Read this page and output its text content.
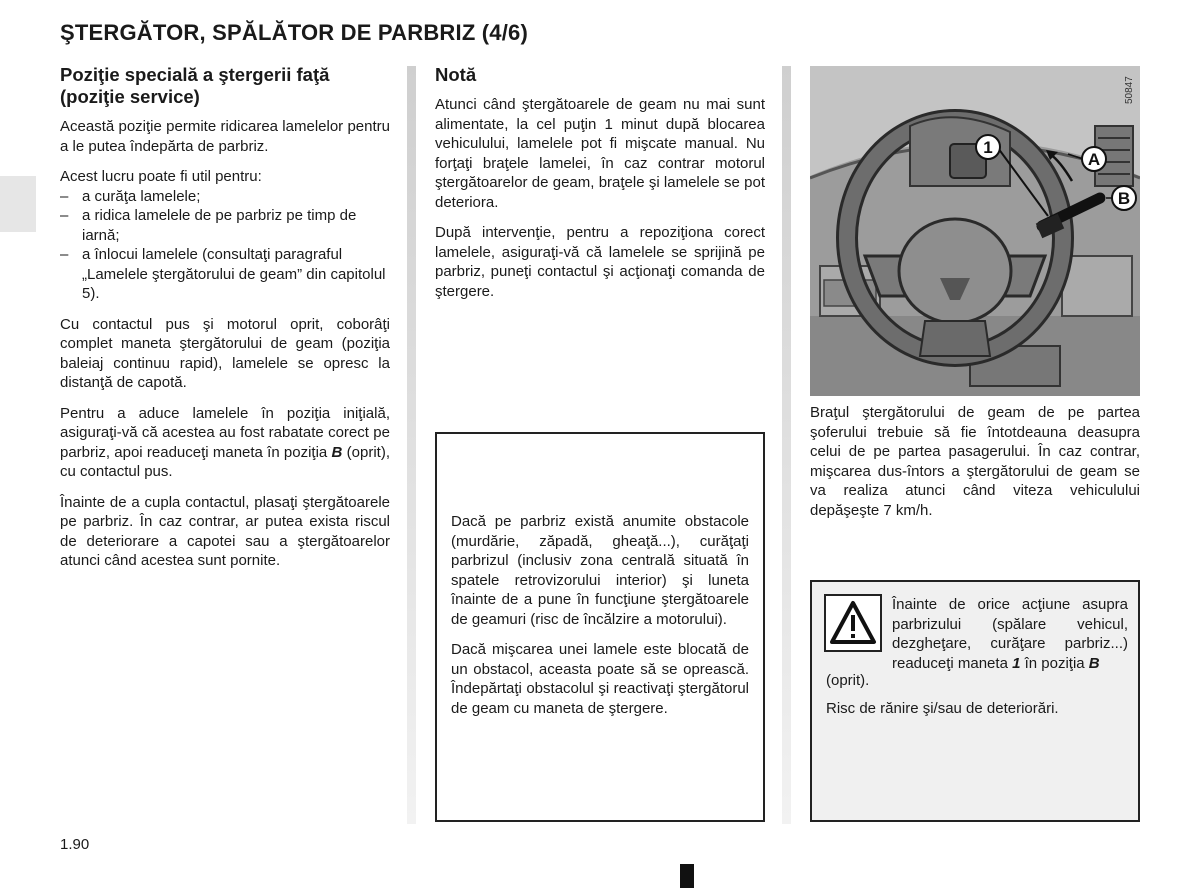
ŞTERGĂTOR, SPĂLĂTOR DE PARBRIZ (4/6)
Poziţie specială a ştergerii faţă (poziţie service)

Această poziţie permite ridicarea lamelelor pentru a le putea îndepărta de parbriz.

Acest lucru poate fi util pentru:

– a curăţa lamelele;
– a ridica lamelele de pe parbriz pe timp de iarnă;
– a înlocui lamelele (consultaţi paragraful „Lamelele ştergătorului de geam” din capitolul 5).

Cu contactul pus şi motorul oprit, coborâţi complet maneta ştergătorului de geam (poziţia baleiaj continuu rapid), lamelele se opresc la distanţă de capotă.

Pentru a aduce lamelele în poziţia iniţială, asiguraţi-vă că acestea au fost rabatate corect pe parbriz, apoi readuceţi maneta în poziţia B (oprit), cu contactul pus.

Înainte de a cupla contactul, plasaţi ştergătoarele pe parbriz. În caz contrar, ar putea exista riscul de deteriorare a capotei sau a ştergătoarelor atunci când acestea sunt pornite.

Notă

Atunci când ştergătoarele de geam nu mai sunt alimentate, la cel puţin 1 minut după blocarea vehiculului, lamelele pot fi mişcate manual. Nu forţaţi braţele lamelei, în caz contrar motorul ştergătoarelor de geam, braţele şi lamelele se pot deteriora.

După intervenţie, pentru a repoziţiona corect lamelele, asiguraţi-vă că lamelele se sprijină pe parbriz, puneţi contactul şi acţionaţi comanda de ştergere.

Dacă pe parbriz există anumite obstacole (murdărie, zăpadă, gheaţă...), curăţaţi parbrizul (inclusiv zona centrală situată în spatele retrovizorului interior) şi luneta înainte de a pune în funcţiune ştergătoarele de geamuri (risc de încălzire a motorului).

Dacă mişcarea unei lamele este blocată de un obstacol, aceasta poate să se oprească. Îndepărtaţi obstacolul şi reactivaţi ştergătorul de geam cu maneta de ştergere.

1
A
B
50847

Braţul ştergătorului de geam de pe partea şoferului trebuie să fie întotdeauna deasupra celui de pe partea pasagerului. În caz contrar, mişcarea dus-întors a ştergătorului de geam se va realiza atunci când viteza vehiculului depăşeşte 7 km/h.

Înainte de orice acţiune asupra parbrizului (spălare vehicul, dezgheţare, curăţare parbriz...) readuceţi maneta 1 în poziţia B

(oprit).

Risc de rănire şi/sau de deteriorări.

1.90
